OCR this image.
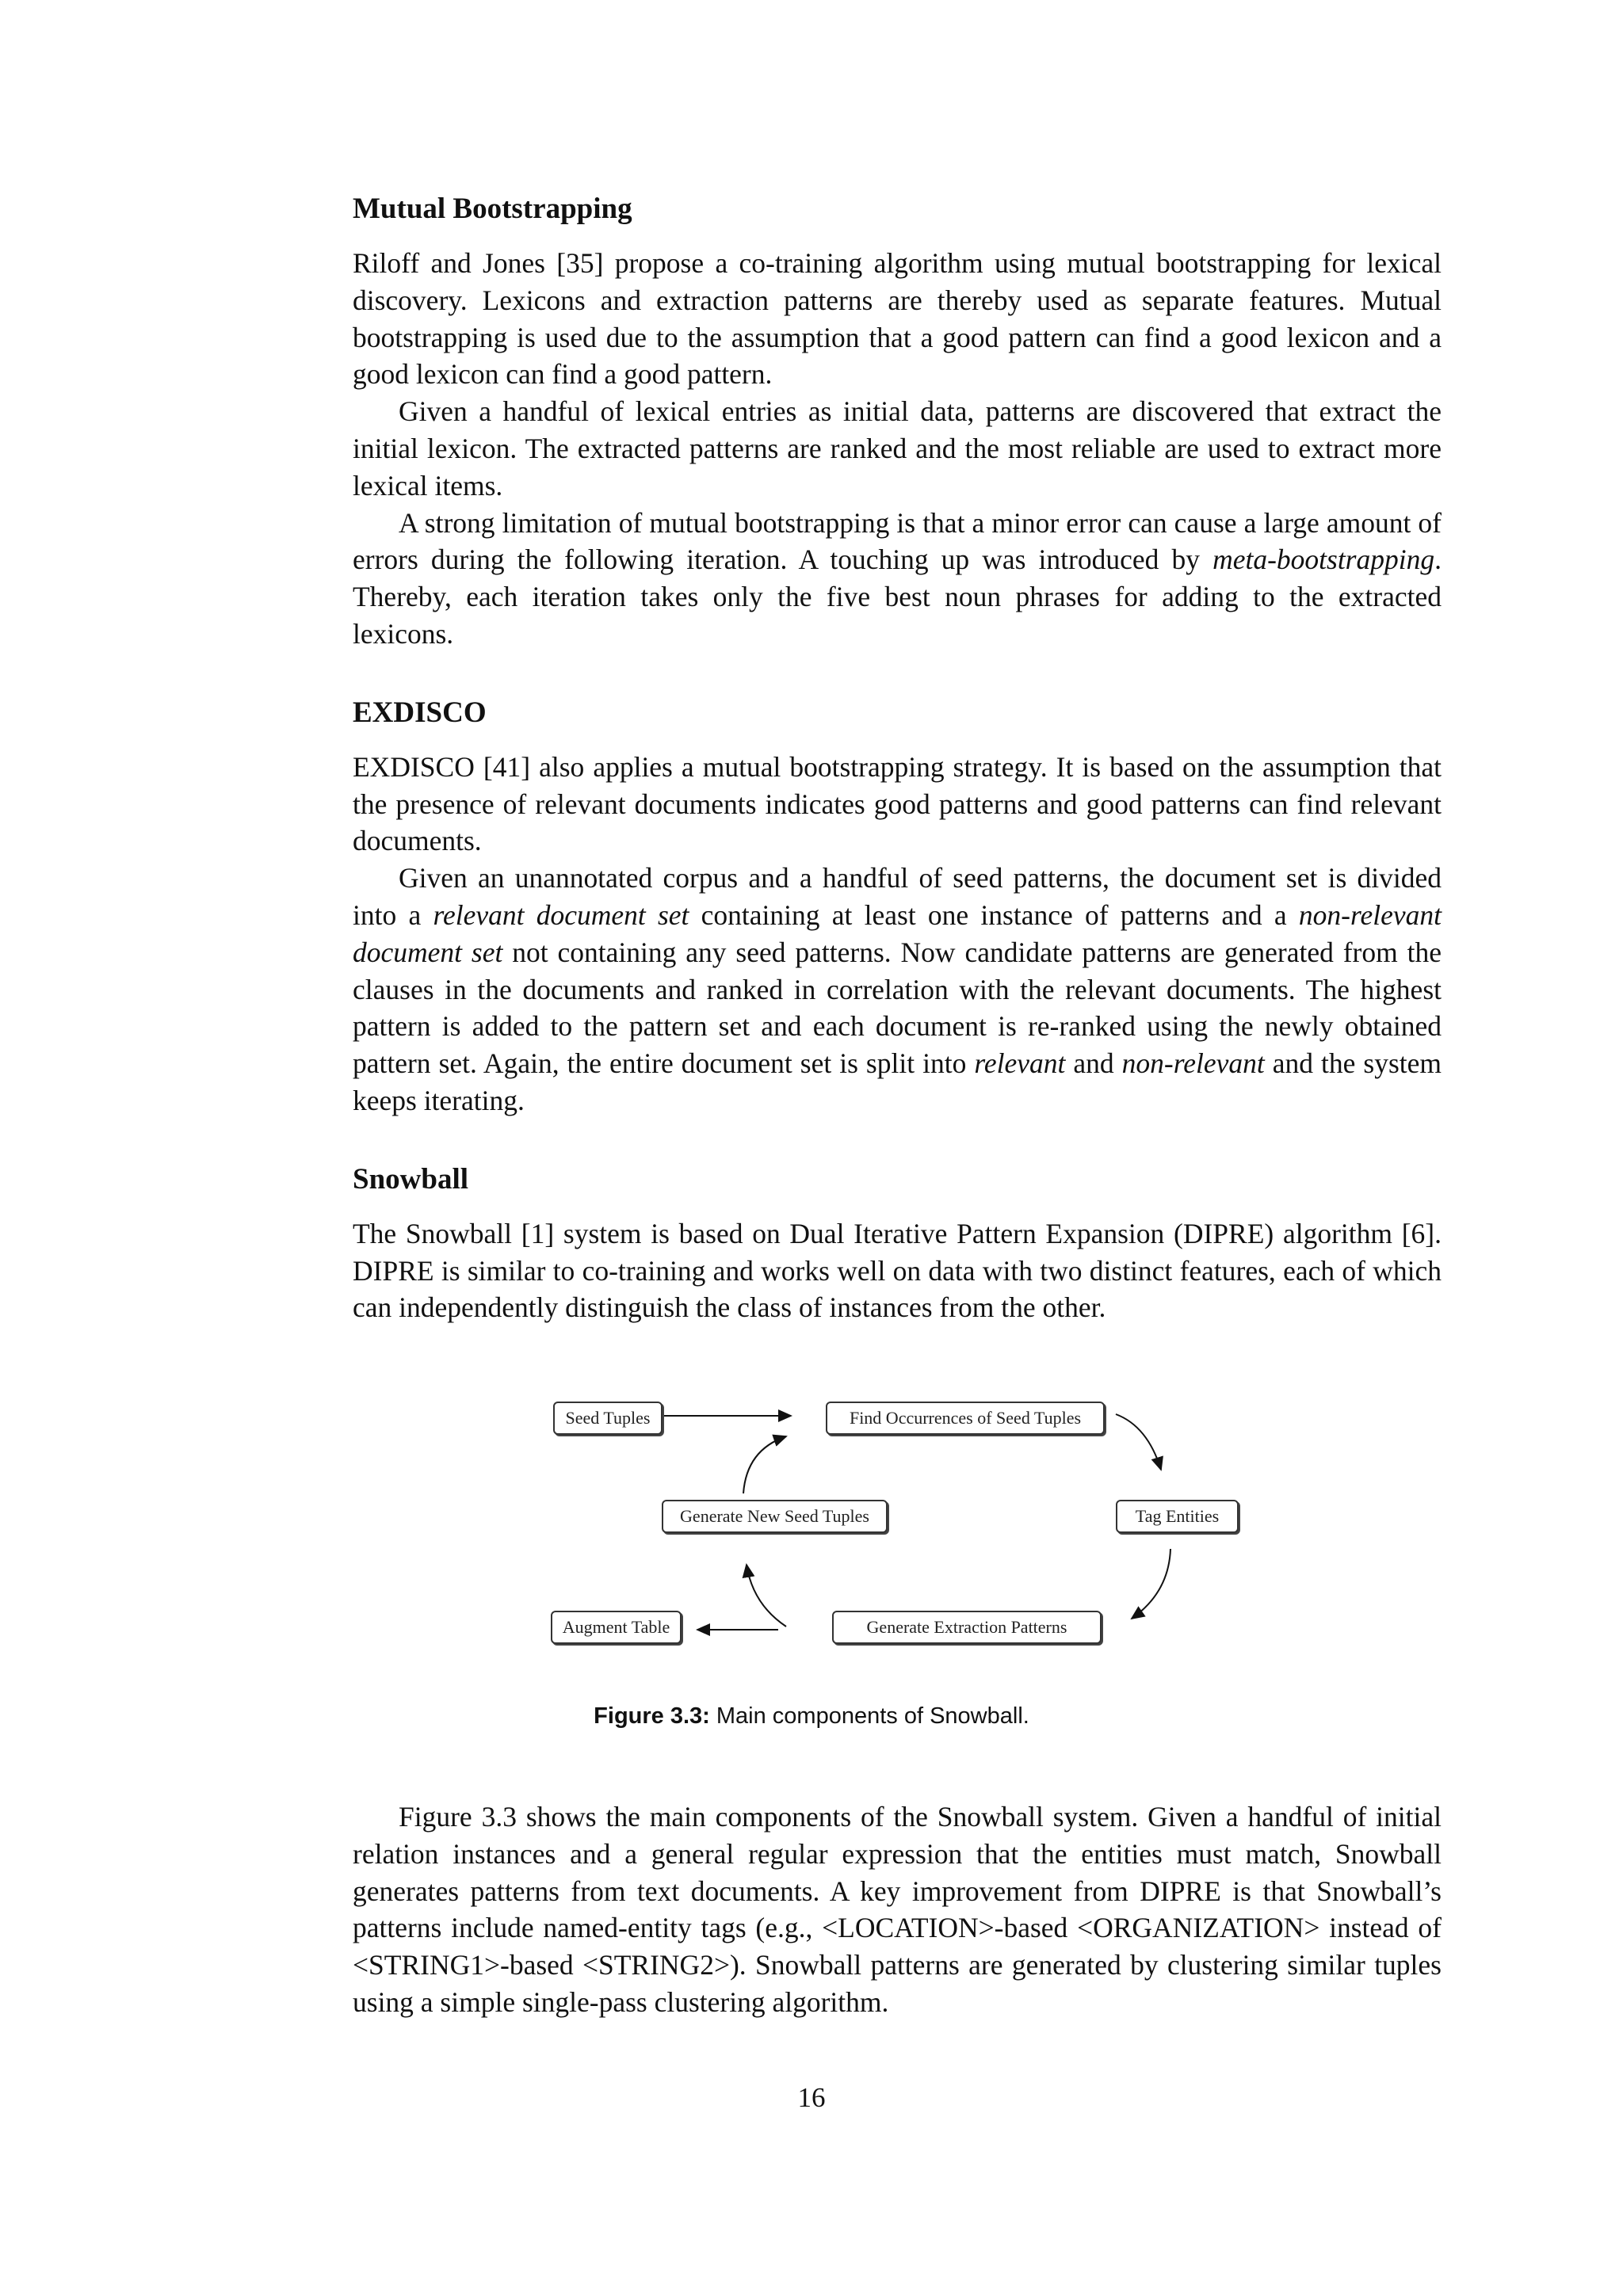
Mutual Bootstrapping

Riloff and Jones [35] propose a co-training algorithm using mutual bootstrapping for lexical discovery. Lexicons and extraction patterns are thereby used as separate features. Mutual bootstrapping is used due to the assumption that a good pattern can find a good lexicon and a good lexicon can find a good pattern.

Given a handful of lexical entries as initial data, patterns are discovered that extract the initial lexicon. The extracted patterns are ranked and the most reliable are used to extract more lexical items.

A strong limitation of mutual bootstrapping is that a minor error can cause a large amount of errors during the following iteration. A touching up was introduced by meta-bootstrapping. Thereby, each iteration takes only the five best noun phrases for adding to the extracted lexicons.

EXDISCO

EXDISCO [41] also applies a mutual bootstrapping strategy. It is based on the assumption that the presence of relevant documents indicates good patterns and good patterns can find relevant documents.

Given an unannotated corpus and a handful of seed patterns, the document set is divided into a relevant document set containing at least one instance of patterns and a non-relevant document set not containing any seed patterns. Now candidate patterns are generated from the clauses in the documents and ranked in correlation with the relevant documents. The highest pattern is added to the pattern set and each document is re-ranked using the newly obtained pattern set. Again, the entire document set is split into relevant and non-relevant and the system keeps iterating.

Snowball

The Snowball [1] system is based on Dual Iterative Pattern Expansion (DIPRE) algorithm [6]. DIPRE is similar to co-training and works well on data with two distinct features, each of which can independently distinguish the class of instances from the other.

Seed Tuples	Find Occurrences of Seed Tuples
Tag Entities
Generate New Seed Tuples
Generate Extraction Patterns
Augment Table
Figure 3.3: Main components of Snowball.

Figure 3.3 shows the main components of the Snowball system. Given a handful of initial relation instances and a general regular expression that the entities must match, Snowball generates patterns from text documents. A key improvement from DIPRE is that Snowball’s patterns include named-entity tags (e.g., <LOCATION>-based <ORGANIZATION> instead of <STRING1>-based <STRING2>). Snowball patterns are generated by clustering similar tuples using a simple single-pass clustering algorithm.

16
